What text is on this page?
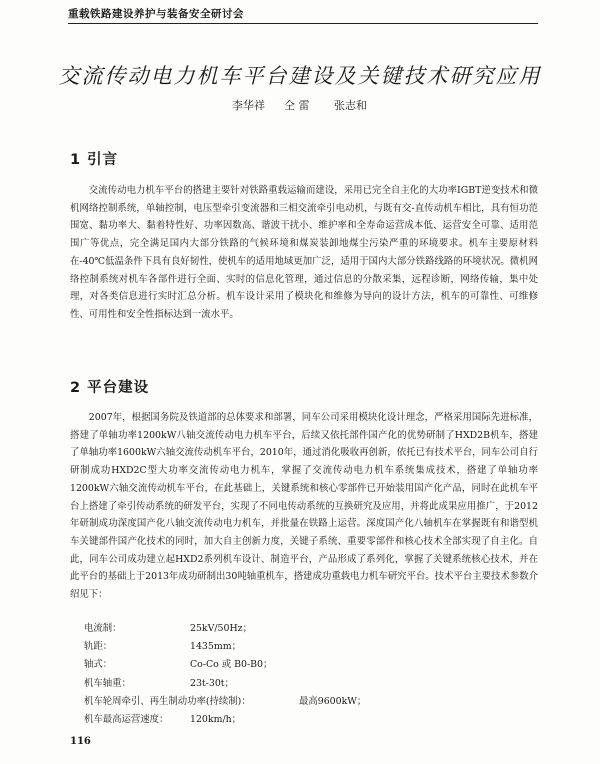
重载铁路建设养护与装备安全研讨会
交流传动电力机车平台建设及关键技术研究应用
李华祥 仝 雷 张志和
1 引言

交流传动电力机车平台的搭建主要针对铁路重载运输而建设，采用已完全自主化的大功率IGBT逆变技术和微机网络控制系统，单轴控制，电压型牵引变流器和三相交流牵引电动机，与既有交-直传动机车相比，具有恒功范围宽、黏功率大、黏着特性好、功率因数高、谐波干扰小、维护率和全寿命运营成本低、运营安全可靠、适用范围广等优点，完全满足国内大部分铁路的气候环境和煤炭装卸地煤尘污染严重的环境要求。机车主要原材料在-40℃低温条件下具有良好韧性，使机车的适用地域更加广泛，适用于国内大部分铁路线路的环境状况。微机网络控制系统对机车各部件进行全面、实时的信息化管理，通过信息的分散采集，远程诊断，网络传输，集中处理，对各类信息进行实时汇总分析。机车设计采用了模块化和维修为导向的设计方法，机车的可靠性、可维修性、可用性和安全性指标达到一流水平。

2 平台建设

2007年，根据国务院及铁道部的总体要求和部署，同车公司采用模块化设计理念，严格采用国际先进标准，搭建了单轴功率1200kW八轴交流传动电力机车平台，后续又依托部件国产化的优势研制了HXD2B机车，搭建了单轴功率1600kW六轴交流传动机车平台，2010年，通过消化吸收再创新，依托已有技术平台，同车公司自行研制成功HXD2C型大功率交流传动电力机车，掌握了交流传动电力机车系统集成技术，搭建了单轴功率1200kW六轴交流传动机车平台，在此基础上，关键系统和核心零部件已开始装用国产化产品，同时在此机车平台上搭建了牵引传动系统的研发平台，实现了不同电传动系统的互换研究及应用，并将此成果应用推广，于2012年研制成功深度国产化八轴交流传动电力机车，并批量在铁路上运营。深度国产化八轴机车在掌握既有和谐型机车关键部件国产化技术的同时，加大自主创新力度，关键子系统、重要零部件和核心技术全部实现了自主化。自此，同车公司成功建立起HXD2系列机车设计、制造平台，产品形成了系列化，掌握了关键系统核心技术，并在此平台的基础上于2013年成功研制出30吨轴重机车，搭建成功重载电力机车研究平台。技术平台主要技术参数介绍见下：

电流制：	25kV/50Hz；
轨距：	1435mm；
轴式：	Co-Co 或 B0-B0；
机车轴重：	23t-30t；
机车轮周牵引、再生制动功率(持续制)：	最高9600kW；
机车最高运营速度： 120km/h；
116
